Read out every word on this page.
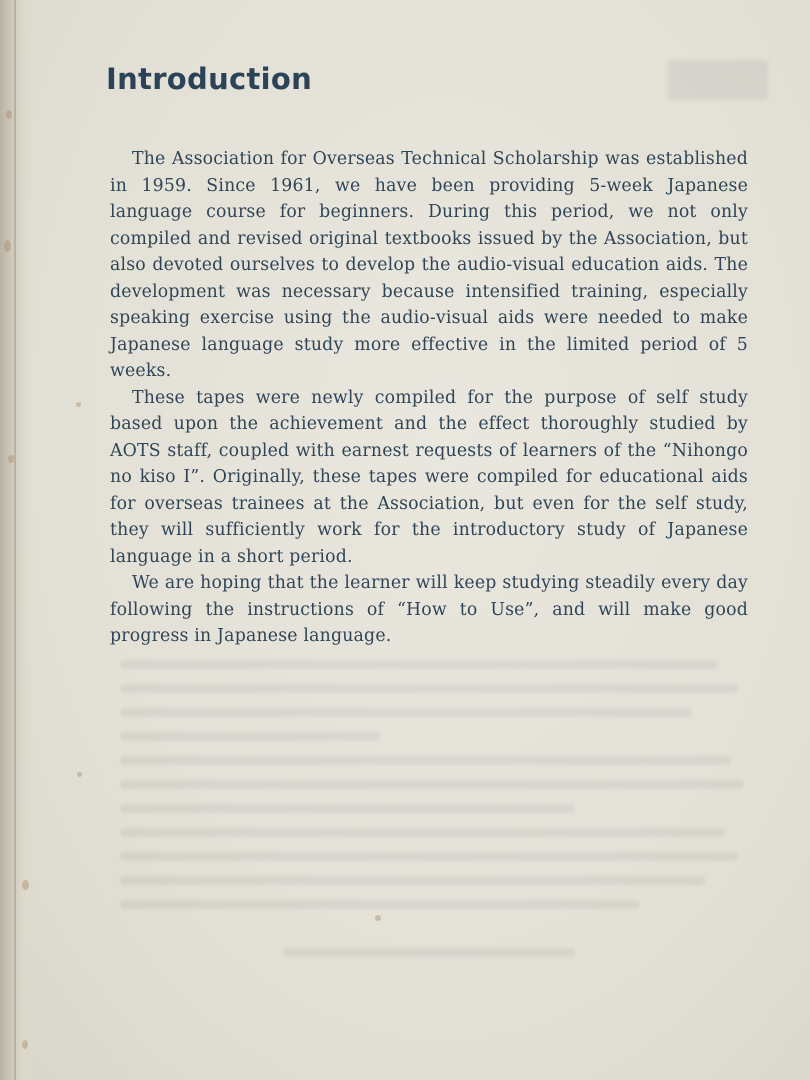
Introduction

The Association for Overseas Technical Scholarship was established in 1959. Since 1961, we have been providing 5-week Japanese language course for beginners. During this period, we not only compiled and revised original textbooks issued by the Association, but also devoted ourselves to develop the audio-visual education aids. The development was necessary because intensified training, especially speaking exercise using the audio-visual aids were needed to make Japanese language study more effective in the limited period of 5 weeks.

These tapes were newly compiled for the purpose of self study based upon the achievement and the effect thoroughly studied by AOTS staff, coupled with earnest requests of learners of the “Nihongo no kiso I”. Originally, these tapes were compiled for educational aids for overseas trainees at the Association, but even for the self study, they will sufficiently work for the introductory study of Japanese language in a short period.

We are hoping that the learner will keep studying steadily every day following the instructions of “How to Use”, and will make good progress in Japanese language.
